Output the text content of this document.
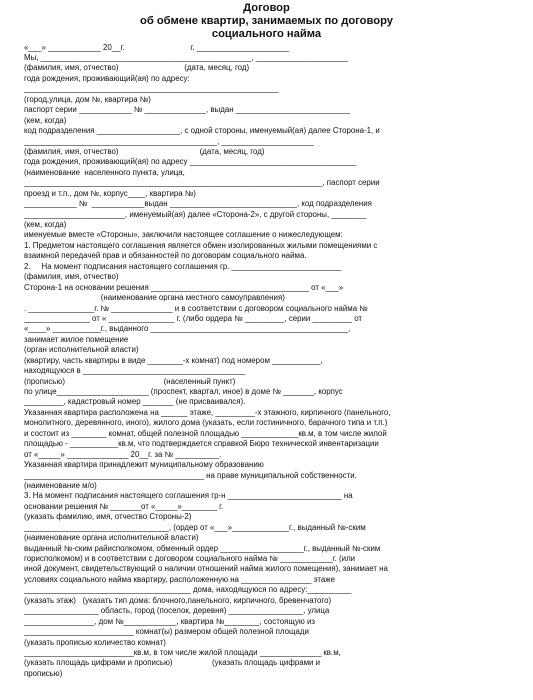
Договор
об обмене квартир, занимаемых по договору
социального найма
«___» ____________ 20__г.                              г. _____________________
Мы, ________________________________________________, _____________________
(фамилия, имя, отчество)                              (дата, месяц, год)
года рождения, проживающий(ая) по адресу:
__________________________________________________________
(город,улица, дом №, квартира №)
паспорт серии ____________ № ______________, выдан __________________________
(кем, когда)
код подразделения ___________________, с одной стороны, именуемый(ая) далее Сторона-1, и
____________________________________________, _____________________
(фамилия, имя, отчество)                                     (дата, месяц, год)
года рождения, проживающий(ая) по адресу ______________________________________
(наименование  населенного пункта, улица,
____________________________________________________________________, паспорт серии
проезд и т.п., дом №, корпус____, квартира №)
____________ №  ____________выдан _____________________________, код подразделения
_______________________, именуемый(ая) далее «Сторона-2», с другой стороны, ________
(кем, когда)
именуемые вместе «Стороны», заключили настоящее соглашение о нижеследующем:
1. Предметом настоящего соглашения является обмен изолированных жилыми помещениями с
взаимной передачей прав и обязанностей по договорам социального найма.
2.     На момент подписания настоящего соглашения гр. _________________________
(фамилия, имя, отчество)
Сторона-1 на основании решения ____________________________________ от «___»
(наименование органа местного самоуправления)
. _______________г. № ______________ и в соответствии с договором социального найма №
_______________ от « _______________ г. (либо ордера № _________, серии _________ от
«____» ___________г., выданного _____________________________________________,
занимает жилое помещение
(орган исполнительной власти)
(квартиру, часть квартиры в виде ________-х комнат) под номером ___________,
находящуюся в _____________________________________
(прописью)                                             (населенный пункт)
по улице_____________________ (проспект, квартал, иное) в доме № _______, корпус
_________, кадастровый номер _______ (не присваивался).
Указанная квартира расположена на ______ этаже, _________-х этажного, кирпичного (панельного,
монолитного, деревянного, иного), жилого дома (указать, если гостиничного, барачного типа и т.п.)
и состоит из ________ комнат, общей полезной площадью _____________кв.м, в том числе жилой
площадью - ___________кв.м, что подтверждается справкой Бюро технической инвентаризации
от «_____» ______________ 20__г. за № __________.
Указанная квартира принадлежит муниципальному образованию
_________________________________________ на праве муниципальной собственности.
(наименование м/о)
3. На момент подписания настоящего соглашения гр-н __________________________ на
основании решения № _______от «_____»________ г.
(указать фамилию, имя, отчество Стороны-2)
_________________________________, (ордер от «___»_____________г., выданный №-ским
(наименование органа исполнительной власти)
выданный №-ским райисполкомом, обменный ордер ___________________г., выданный №-ским
горисполкомом) и в соответствии с договором социального найма № ____________г. (или
иной документ, свидетельствующий о наличии отношений найма жилого помещения), занимает на
условиях социального найма квартиру, расположенную на ________________ этаже
______________________________________ дома, находящуюся по адресу:__________
(указать этаж)   (указать тип дома: блочного,панельного, кирпичного, бревенчатого)
_________________ область, город (поселок, деревня) _________________, улица
________________, дом №____________, квартира №________, состоящую из
_________________________ комнат(ы) размером общей полезной площади
(указать прописью количество комнат)
_________________________кв.м, в том числе жилой площади ______________ кв.м,
(указать площадь цифрами и прописью)                  (указать площадь цифрами и
прописью)
